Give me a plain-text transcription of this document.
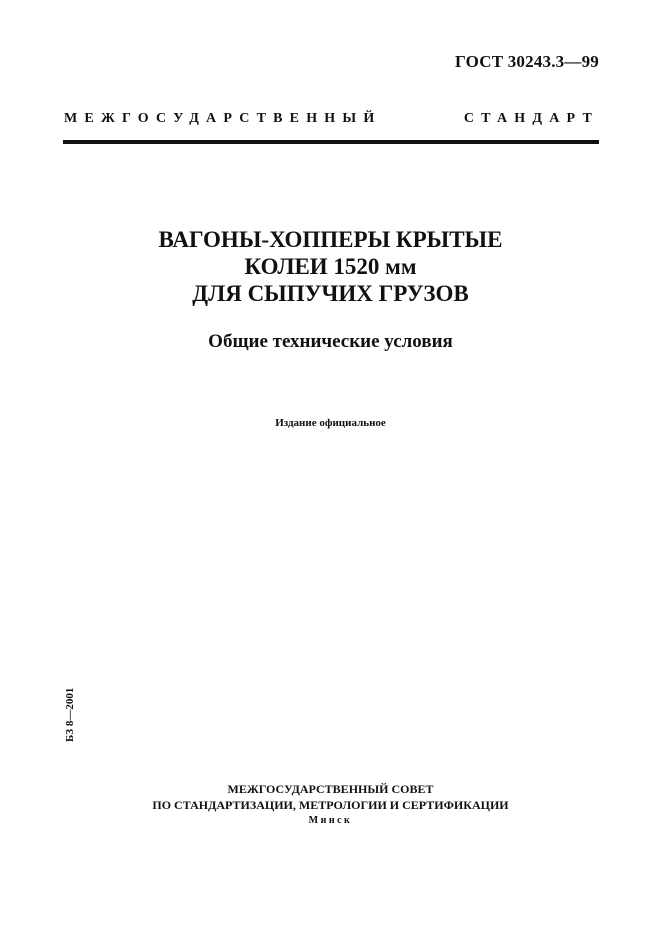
ГОСТ 30243.3—99
МЕЖГОСУДАРСТВЕННЫЙ СТАНДАРТ
ВАГОНЫ-ХОППЕРЫ КРЫТЫЕ
КОЛЕИ 1520 мм
ДЛЯ СЫПУЧИХ ГРУЗОВ
Общие технические условия
Издание официальное
БЗ 8—2001
МЕЖГОСУДАРСТВЕННЫЙ СОВЕТ
ПО СТАНДАРТИЗАЦИИ, МЕТРОЛОГИИ И СЕРТИФИКАЦИИ
Минск
